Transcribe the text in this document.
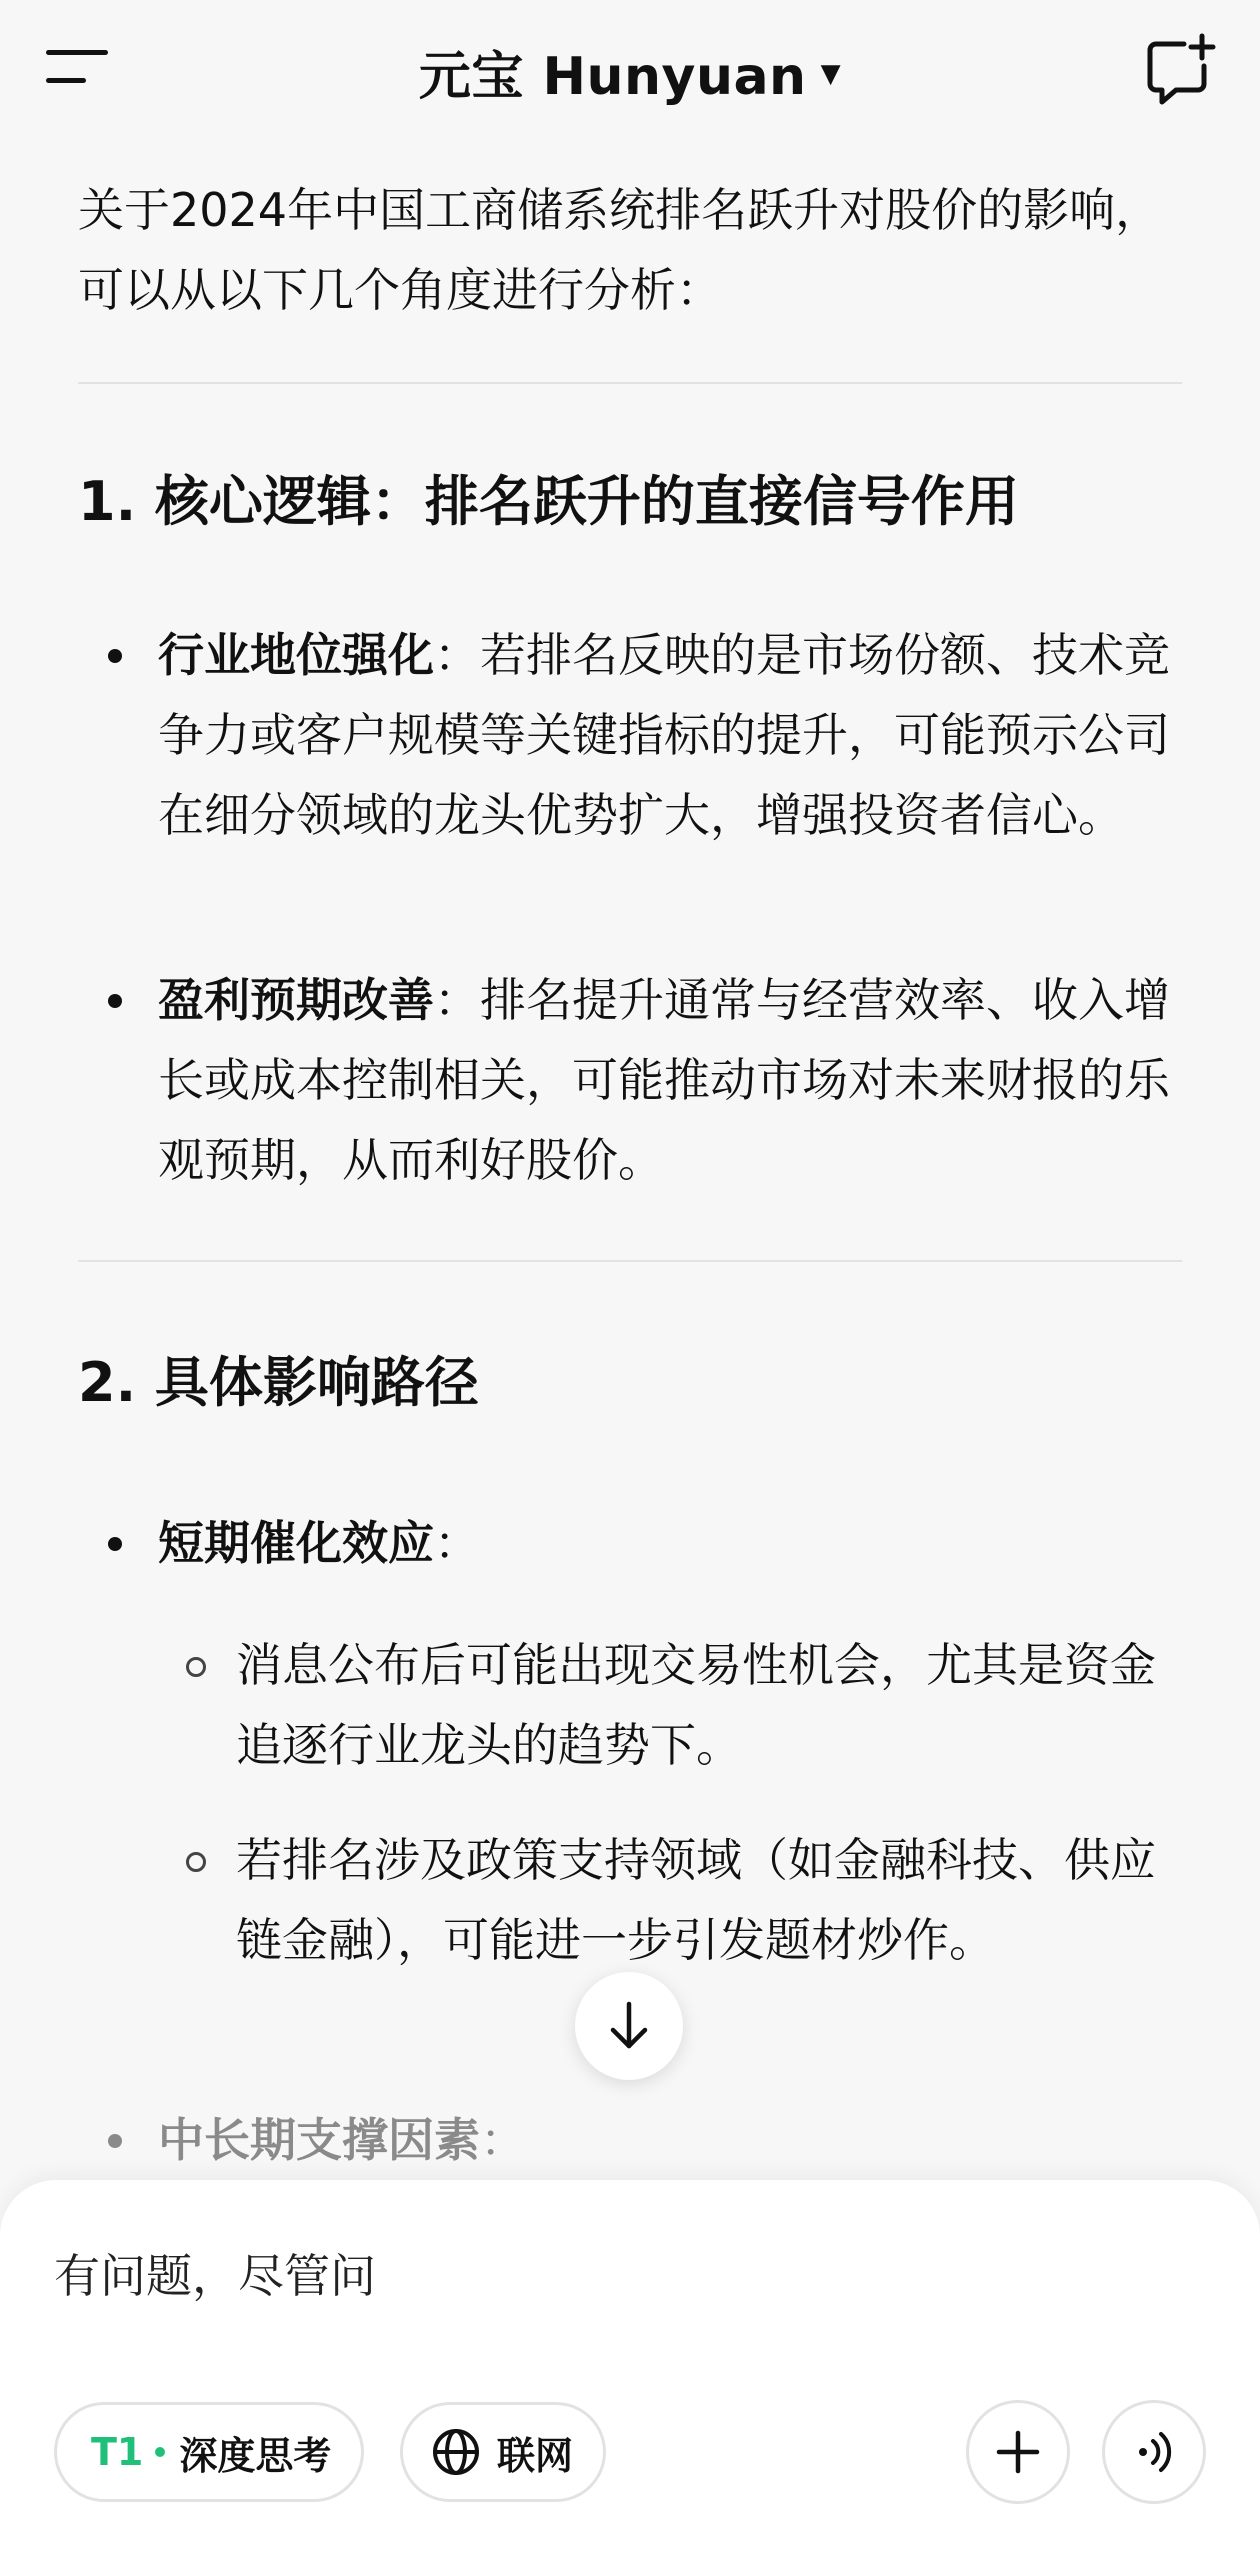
元宝 Hunyuan ▼
关于2024年中国工商储系统排名跃升对股价的影响，可以从以下几个角度进行分析：
1. 核心逻辑：排名跃升的直接信号作用
行业地位强化：若排名反映的是市场份额、技术竞争力或客户规模等关键指标的提升，可能预示公司在细分领域的龙头优势扩大，增强投资者信心。
盈利预期改善：排名提升通常与经营效率、收入增长或成本控制相关，可能推动市场对未来财报的乐观预期，从而利好股价。
2. 具体影响路径
短期催化效应：
消息公布后可能出现交易性机会，尤其是资金追逐行业龙头的趋势下。
若排名涉及政策支持领域（如金融科技、供应链金融），可能进一步引发题材炒作。
中长期支撑因素：
有问题，尽管问
T1 深度思考	联网
